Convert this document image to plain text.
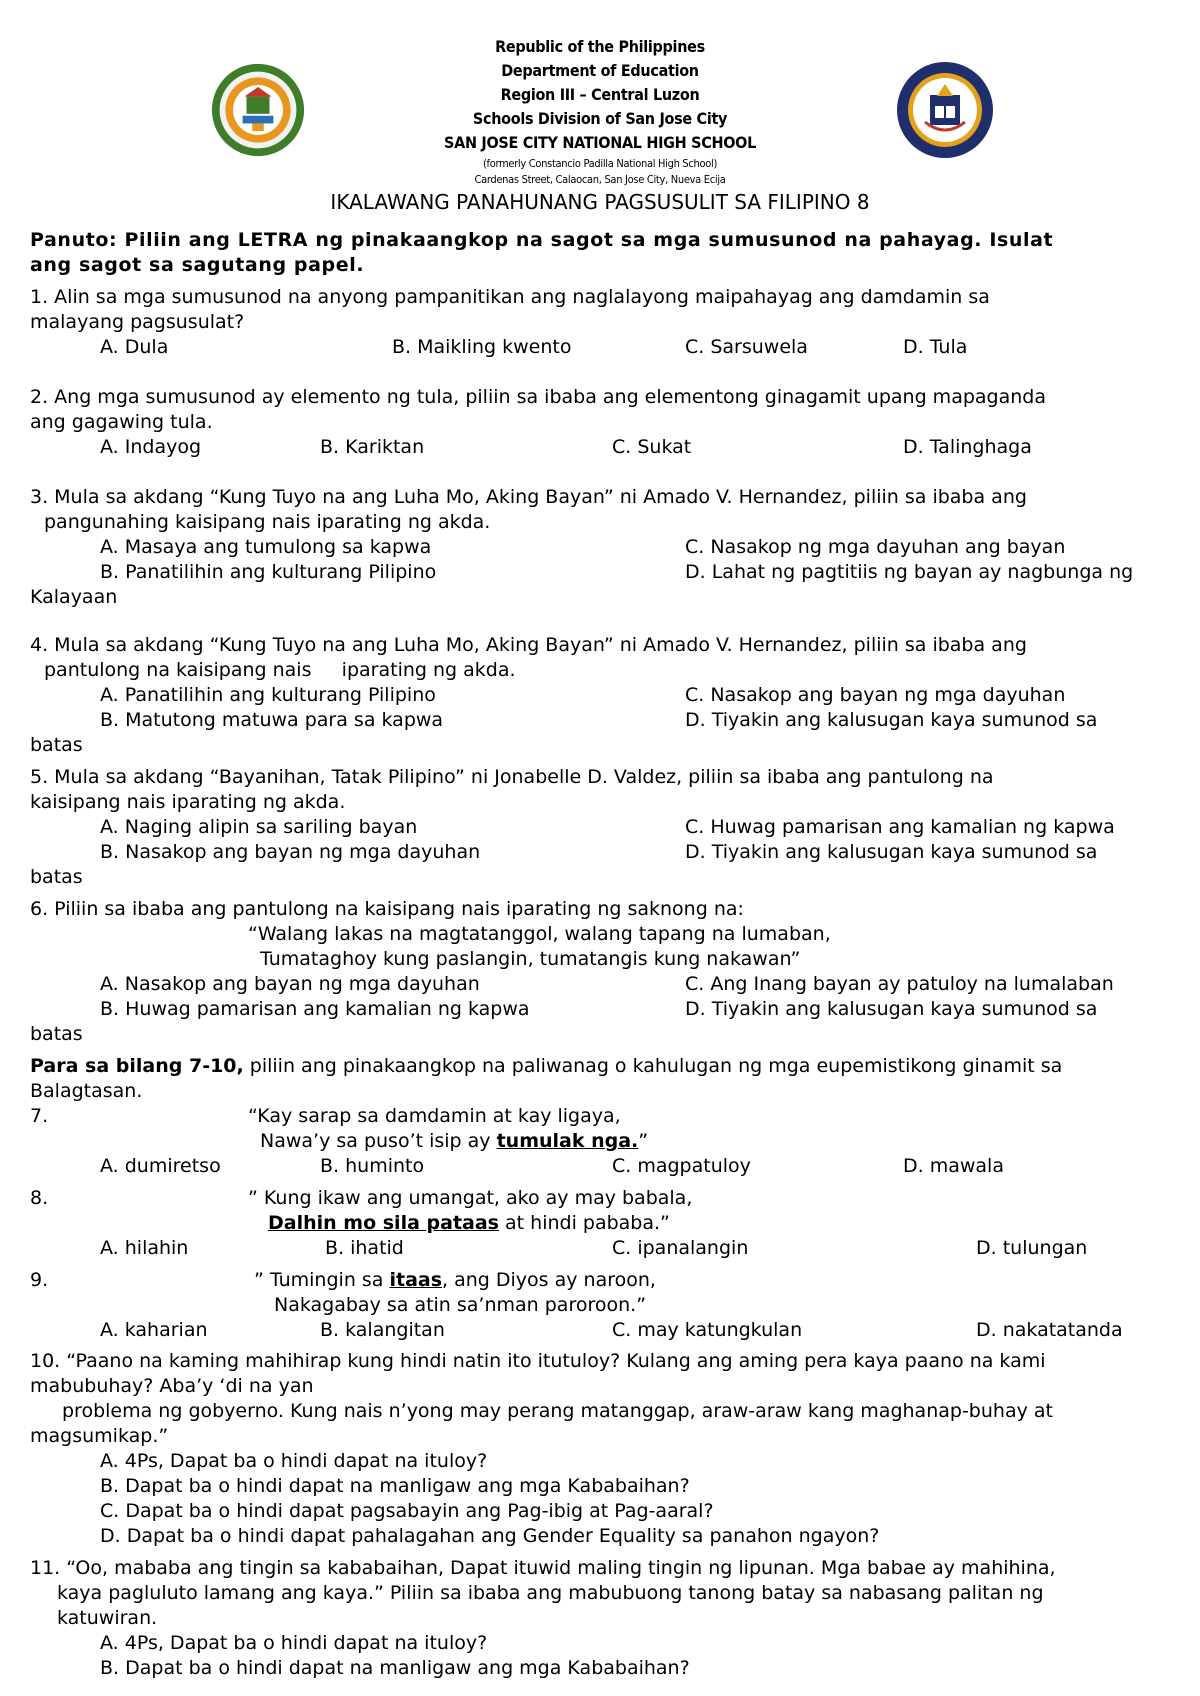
Republic of the Philippines
Department of Education
Region III – Central Luzon
Schools Division of San Jose City
SAN JOSE CITY NATIONAL HIGH SCHOOL
(formerly Constancio Padilla National High School)
Cardenas Street, Calaocan, San Jose City, Nueva Ecija
IKALAWANG PANAHUNANG PAGSUSULIT SA FILIPINO 8
Panuto: Piliin ang LETRA ng pinakaangkop na sagot sa mga sumusunod na pahayag. Isulat
ang sagot sa sagutang papel.
1. Alin sa mga sumusunod na anyong pampanitikan ang naglalayong maipahayag ang damdamin sa
malayang pagsusulat?
A. Dula	B. Maikling kwento	C. Sarsuwela	D. Tula
2. Ang mga sumusunod ay elemento ng tula, piliin sa ibaba ang elementong ginagamit upang mapaganda
ang gagawing tula.
A. Indayog	B. Kariktan	C. Sukat	D. Talinghaga
3. Mula sa akdang “Kung Tuyo na ang Luha Mo, Aking Bayan” ni Amado V. Hernandez, piliin sa ibaba ang
pangunahing kaisipang nais iparating ng akda.
A. Masaya ang tumulong sa kapwa	C. Nasakop ng mga dayuhan ang bayan
B. Panatilihin ang kulturang Pilipino	D. Lahat ng pagtitiis ng bayan ay nagbunga ng
Kalayaan
4. Mula sa akdang “Kung Tuyo na ang Luha Mo, Aking Bayan” ni Amado V. Hernandez, piliin sa ibaba ang
pantulong na kaisipang nais     iparating ng akda.
A. Panatilihin ang kulturang Pilipino	C. Nasakop ang bayan ng mga dayuhan
B. Matutong matuwa para sa kapwa	D. Tiyakin ang kalusugan kaya sumunod sa
batas
5. Mula sa akdang “Bayanihan, Tatak Pilipino” ni Jonabelle D. Valdez, piliin sa ibaba ang pantulong na
kaisipang nais iparating ng akda.
A. Naging alipin sa sariling bayan	C. Huwag pamarisan ang kamalian ng kapwa
B. Nasakop ang bayan ng mga dayuhan	D. Tiyakin ang kalusugan kaya sumunod sa
batas
6. Piliin sa ibaba ang pantulong na kaisipang nais iparating ng saknong na:
“Walang lakas na magtatanggol, walang tapang na lumaban,
Tumataghoy kung paslangin, tumatangis kung nakawan”
A. Nasakop ang bayan ng mga dayuhan	C. Ang Inang bayan ay patuloy na lumalaban
B. Huwag pamarisan ang kamalian ng kapwa	D. Tiyakin ang kalusugan kaya sumunod sa
batas
Para sa bilang 7-10, piliin ang pinakaangkop na paliwanag o kahulugan ng mga eupemistikong ginamit sa
Balagtasan.
7.	“Kay sarap sa damdamin at kay ligaya,
Nawa’y sa puso’t isip ay tumulak nga.”
A. dumiretso	B. huminto	C. magpatuloy	D. mawala
8.	” Kung ikaw ang umangat, ako ay may babala,
Dalhin mo sila pataas at hindi pababa.”
A. hilahin	B. ihatid	C. ipanalangin	D. tulungan
9.	” Tumingin sa itaas, ang Diyos ay naroon,
Nakagabay sa atin sa’nman paroroon.”
A. kaharian	B. kalangitan	C. may katungkulan	D. nakatatanda
10. “Paano na kaming mahihirap kung hindi natin ito itutuloy? Kulang ang aming pera kaya paano na kami
mabubuhay? Aba’y ‘di na yan
problema ng gobyerno. Kung nais n’yong may perang matanggap, araw-araw kang maghanap-buhay at
magsumikap.”
A. 4Ps, Dapat ba o hindi dapat na ituloy?
B. Dapat ba o hindi dapat na manligaw ang mga Kababaihan?
C. Dapat ba o hindi dapat pagsabayin ang Pag-ibig at Pag-aaral?
D. Dapat ba o hindi dapat pahalagahan ang Gender Equality sa panahon ngayon?
11. “Oo, mababa ang tingin sa kababaihan, Dapat ituwid maling tingin ng lipunan. Mga babae ay mahihina,
kaya pagluluto lamang ang kaya.” Piliin sa ibaba ang mabubuong tanong batay sa nabasang palitan ng
katuwiran.
A. 4Ps, Dapat ba o hindi dapat na ituloy?
B. Dapat ba o hindi dapat na manligaw ang mga Kababaihan?
